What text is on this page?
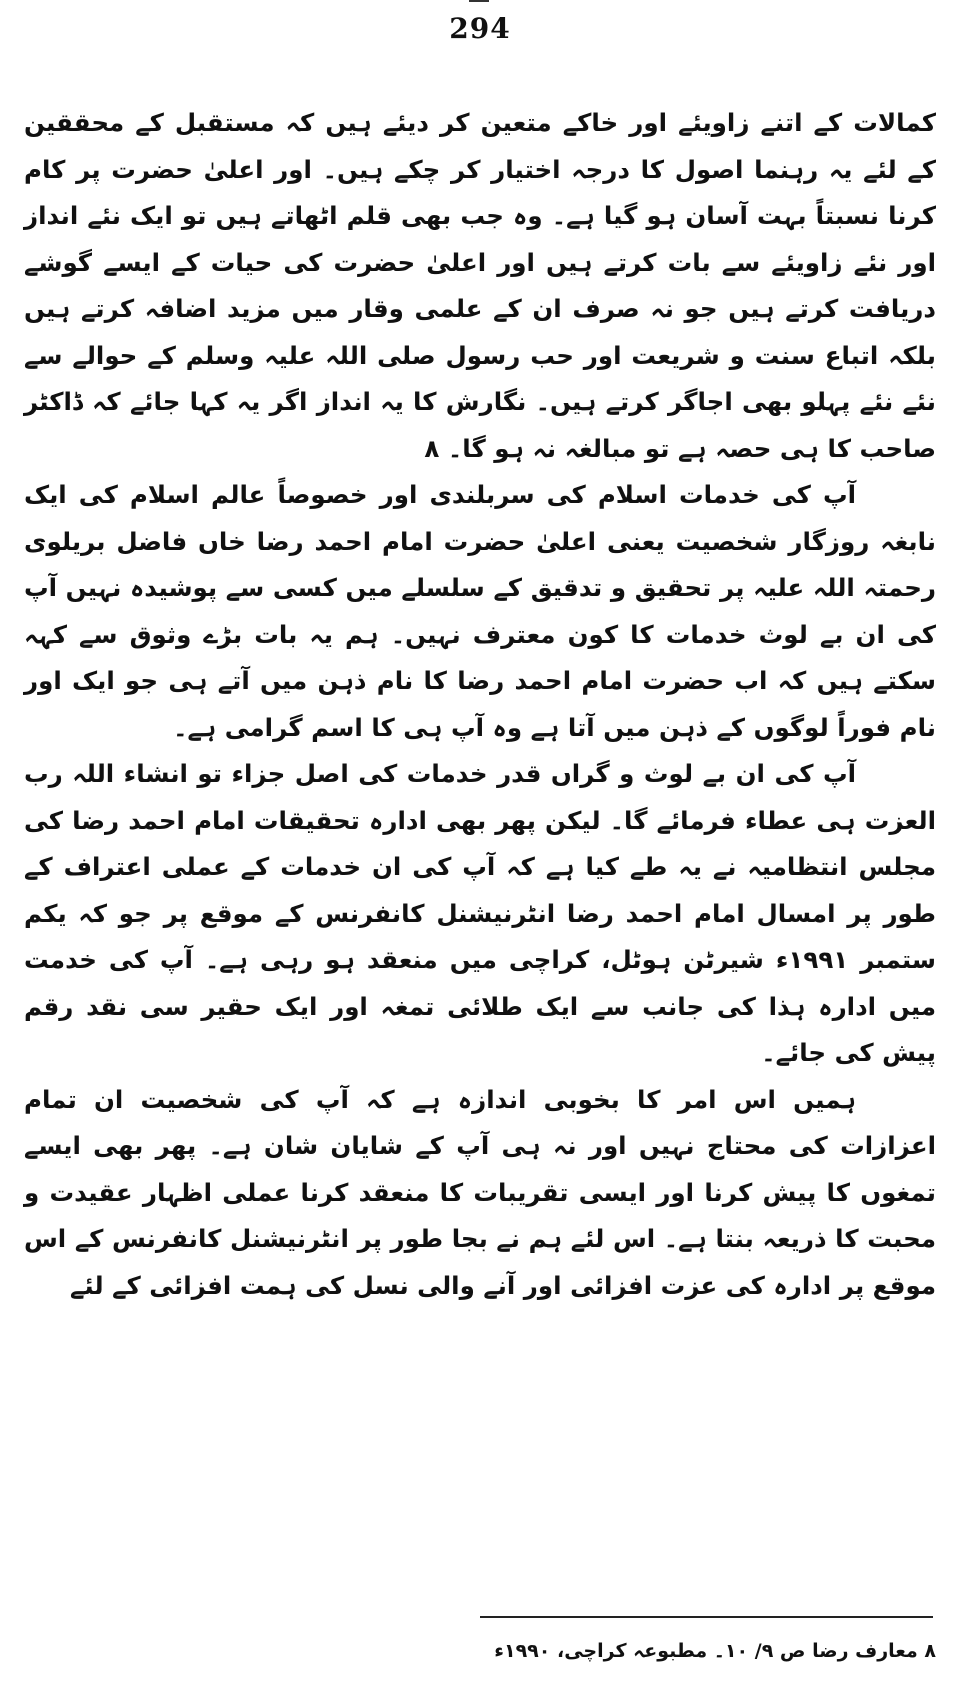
294

کمالات کے اتنے زاویئے اور خاکے متعین کر دیئے ہیں کہ مستقبل کے محققین کے لئے یہ رہنما اصول کا درجہ اختیار کر چکے ہیں۔ اور اعلیٰ حضرت پر کام کرنا نسبتاً بہت آسان ہو گیا ہے۔ وہ جب بھی قلم اٹھاتے ہیں تو ایک نئے انداز اور نئے زاویئے سے بات کرتے ہیں اور اعلیٰ حضرت کی حیات کے ایسے گوشے دریافت کرتے ہیں جو نہ صرف ان کے علمی وقار میں مزید اضافہ کرتے ہیں بلکہ اتباع سنت و شریعت اور حب رسول صلی اللہ علیہ وسلم کے حوالے سے نئے نئے پہلو بھی اجاگر کرتے ہیں۔ نگارش کا یہ انداز اگر یہ کہا جائے کہ ڈاکٹر صاحب کا ہی حصہ ہے تو مبالغہ نہ ہو گا۔ ۸

آپ کی خدمات اسلام کی سربلندی اور خصوصاً عالم اسلام کی ایک نابغہ روزگار شخصیت یعنی اعلیٰ حضرت امام احمد رضا خاں فاضل بریلوی رحمتہ اللہ علیہ پر تحقیق و تدقیق کے سلسلے میں کسی سے پوشیدہ نہیں آپ کی ان بے لوث خدمات کا کون معترف نہیں۔ ہم یہ بات بڑے وثوق سے کہہ سکتے ہیں کہ اب حضرت امام احمد رضا کا نام ذہن میں آتے ہی جو ایک اور نام فوراً لوگوں کے ذہن میں آتا ہے وہ آپ ہی کا اسم گرامی ہے۔

آپ کی ان بے لوث و گراں قدر خدمات کی اصل جزاء تو انشاء اللہ رب العزت ہی عطاء فرمائے گا۔ لیکن پھر بھی ادارہ تحقیقات امام احمد رضا کی مجلس انتظامیہ نے یہ طے کیا ہے کہ آپ کی ان خدمات کے عملی اعتراف کے طور پر امسال امام احمد رضا انٹرنیشنل کانفرنس کے موقع پر جو کہ یکم ستمبر ۱۹۹۱ء شیرٹن ہوٹل، کراچی میں منعقد ہو رہی ہے۔ آپ کی خدمت میں ادارہ ہذا کی جانب سے ایک طلائی تمغہ اور ایک حقیر سی نقد رقم پیش کی جائے۔

ہمیں اس امر کا بخوبی اندازہ ہے کہ آپ کی شخصیت ان تمام اعزازات کی محتاج نہیں اور نہ ہی آپ کے شایان شان ہے۔ پھر بھی ایسے تمغوں کا پیش کرنا اور ایسی تقریبات کا منعقد کرنا عملی اظہار عقیدت و محبت کا ذریعہ بنتا ہے۔ اس لئے ہم نے بجا طور پر انٹرنیشنل کانفرنس کے اس موقع پر ادارہ کی عزت افزائی اور آنے والی نسل کی ہمت افزائی کے لئے

۸ معارف رضا ص ۹/ ۱۰۔ مطبوعہ کراچی، ۱۹۹۰ء
